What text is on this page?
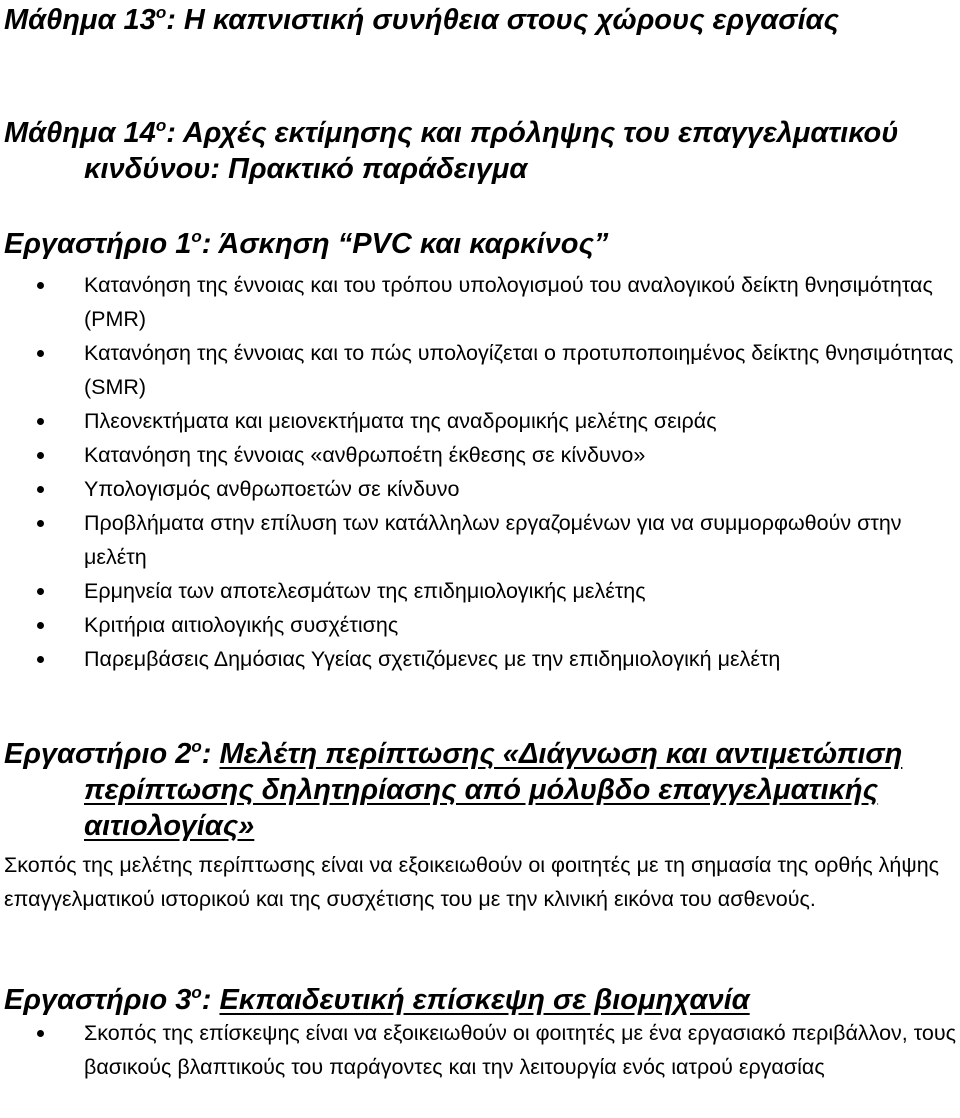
Μάθημα $13^o$: Η καπνιστική συνήθεια στους χώρους εργασίας
Μάθημα $14^o$: Αρχές εκτίμησης και πρόληψης του επαγγελματικού
κινδύνου: Πρακτικό παράδειγμα
Εργαστήριο $1^o$: Άσκηση “PVC και καρκίνος”
Κατανόηση της έννοιας και του τρόπου υπολογισμού του αναλογικού δείκτη θνησιμότητας (PMR)
Κατανόηση της έννοιας και το πώς υπολογίζεται ο προτυποποιημένος δείκτης θνησιμότητας (SMR)
Πλεονεκτήματα και μειονεκτήματα της αναδρομικής μελέτης σειράς
Κατανόηση της έννοιας «ανθρωποέτη έκθεσης σε κίνδυνο»
Υπολογισμός ανθρωποετών σε κίνδυνο
Προβλήματα στην επίλυση των κατάλληλων εργαζομένων για να συμμορφωθούν στην μελέτη
Ερμηνεία των αποτελεσμάτων της επιδημιολογικής μελέτης
Κριτήρια αιτιολογικής συσχέτισης
Παρεμβάσεις Δημόσιας Υγείας σχετιζόμενες με την επιδημιολογική μελέτη
Εργαστήριο $2^o$: Μελέτη περίπτωσης «Διάγνωση και αντιμετώπιση
περίπτωσης δηλητηρίασης από μόλυβδο επαγγελματικής
αιτιολογίας»

Σκοπός της μελέτης περίπτωσης είναι να εξοικειωθούν οι φοιτητές με τη σημασία της ορθής λήψης επαγγελματικού ιστορικού και της συσχέτισης του με την κλινική εικόνα του ασθενούς.

Εργαστήριο $3^o$: Εκπαιδευτική επίσκεψη σε βιομηχανία
Σκοπός της επίσκεψης είναι να εξοικειωθούν οι φοιτητές με ένα εργασιακό περιβάλλον, τους βασικούς βλαπτικούς του παράγοντες και την λειτουργία ενός ιατρού εργασίας
